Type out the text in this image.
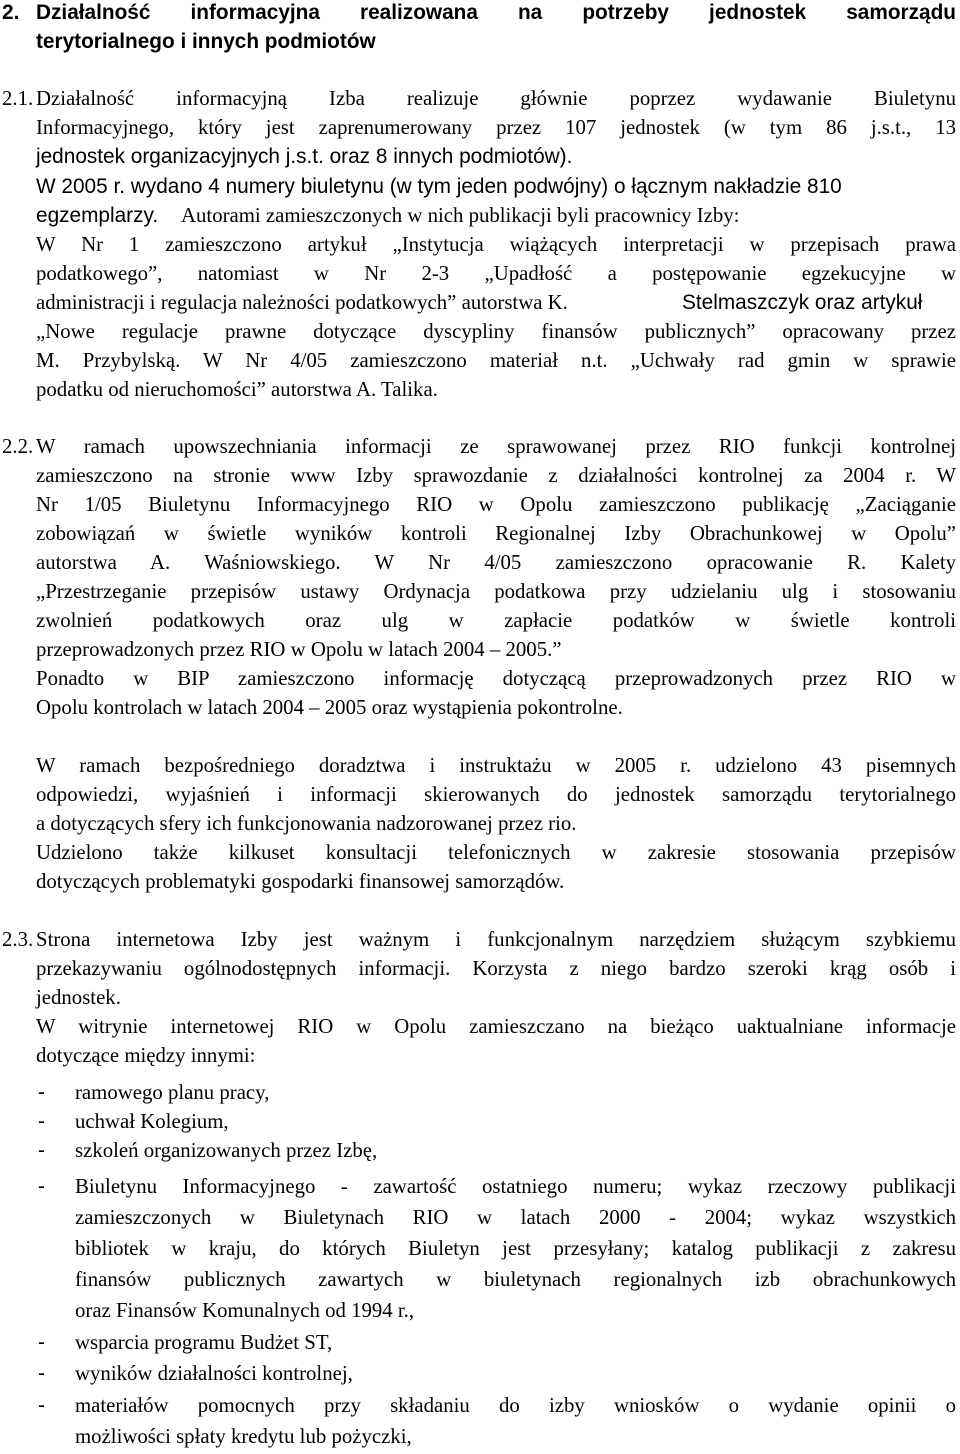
2. Działalność informacyjna realizowana na potrzeby jednostek samorządu
terytorialnego i innych podmiotów
2.1. Działalność informacyjną Izba realizuje głównie poprzez wydawanie Biuletynu
Informacyjnego, który jest zaprenumerowany przez 107 jednostek (w tym 86 j.s.t., 13
jednostek organizacyjnych j.s.t. oraz 8 innych podmiotów).
W 2005 r. wydano 4 numery biuletynu (w tym jeden podwójny) o łącznym nakładzie 810
egzemplarzy. Autorami zamieszczonych w nich publikacji byli pracownicy Izby:
W Nr 1 zamieszczono artykuł „Instytucja wiążących interpretacji w przepisach prawa
podatkowego”, natomiast w Nr 2-3 „Upadłość a postępowanie egzekucyjne w
administracji i regulacja należności podatkowych” autorstwa K.	Stelmaszczyk oraz artykuł
„Nowe regulacje prawne dotyczące dyscypliny finansów publicznych” opracowany przez
M. Przybylską. W Nr 4/05 zamieszczono materiał n.t. „Uchwały rad gmin w sprawie
podatku od nieruchomości” autorstwa A. Talika.
2.2. W ramach upowszechniania informacji ze sprawowanej przez RIO funkcji kontrolnej
zamieszczono na stronie www Izby sprawozdanie z działalności kontrolnej za 2004 r. W
Nr 1/05 Biuletynu Informacyjnego RIO w Opolu zamieszczono publikację „Zaciąganie
zobowiązań w świetle wyników kontroli Regionalnej Izby Obrachunkowej w Opolu”
autorstwa A. Waśniowskiego. W Nr 4/05 zamieszczono opracowanie R. Kalety
„Przestrzeganie przepisów ustawy Ordynacja podatkowa przy udzielaniu ulg i stosowaniu
zwolnień podatkowych oraz ulg w zapłacie podatków w świetle kontroli
przeprowadzonych przez RIO w Opolu w latach 2004 – 2005.”
Ponadto w BIP zamieszczono informację dotyczącą przeprowadzonych przez RIO w
Opolu kontrolach w latach 2004 – 2005 oraz wystąpienia pokontrolne.
W ramach bezpośredniego doradztwa i instruktażu w 2005 r. udzielono 43 pisemnych
odpowiedzi, wyjaśnień i informacji skierowanych do jednostek samorządu terytorialnego
a dotyczących sfery ich funkcjonowania nadzorowanej przez rio.
Udzielono także kilkuset konsultacji telefonicznych w zakresie stosowania przepisów
dotyczących problematyki gospodarki finansowej samorządów.
2.3. Strona internetowa Izby jest ważnym i funkcjonalnym narzędziem służącym szybkiemu
przekazywaniu ogólnodostępnych informacji. Korzysta z niego bardzo szeroki krąg osób i
jednostek.
W witrynie internetowej RIO w Opolu zamieszczano na bieżąco uaktualniane informacje
dotyczące między innymi:
- ramowego planu pracy,
- uchwał Kolegium,
- szkoleń organizowanych przez Izbę,
- Biuletynu Informacyjnego - zawartość ostatniego numeru; wykaz rzeczowy publikacji
zamieszczonych w Biuletynach RIO w latach 2000 - 2004; wykaz wszystkich
bibliotek w kraju, do których Biuletyn jest przesyłany; katalog publikacji z zakresu
finansów publicznych zawartych w biuletynach regionalnych izb obrachunkowych
oraz Finansów Komunalnych od 1994 r.,
- wsparcia programu Budżet ST,
- wyników działalności kontrolnej,
- materiałów pomocnych przy składaniu do izby wniosków o wydanie opinii o
możliwości spłaty kredytu lub pożyczki,
